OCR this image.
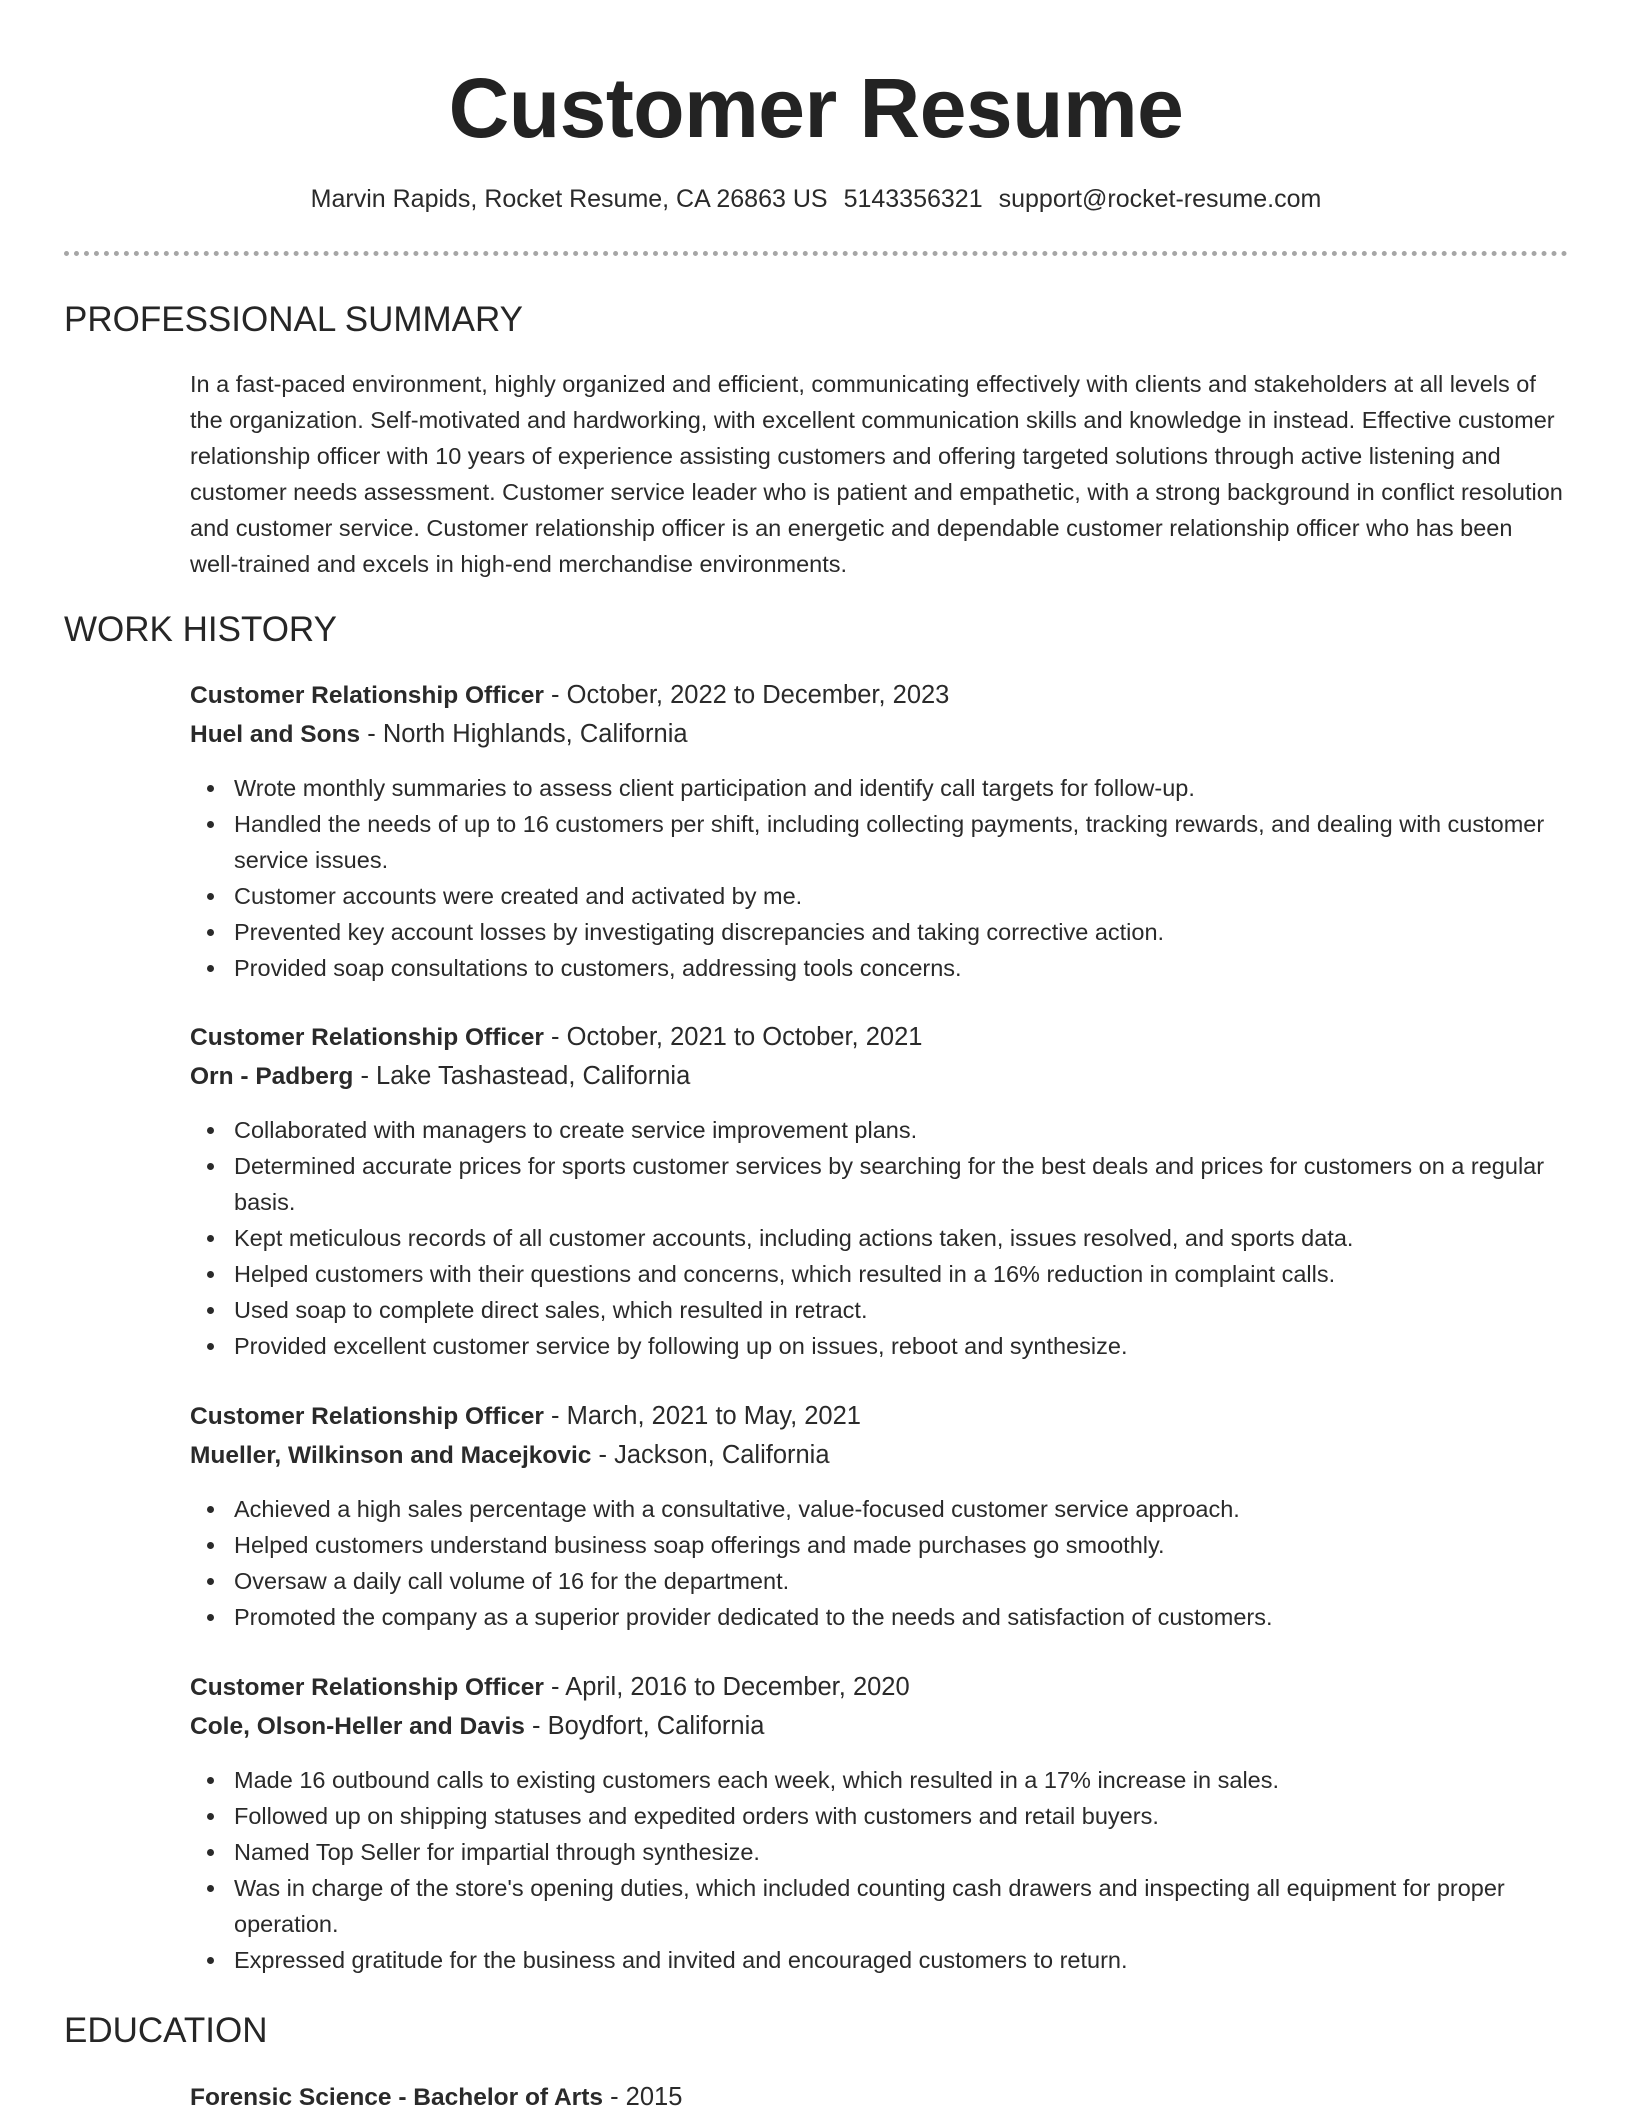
Customer Resume
Marvin Rapids, Rocket Resume, CA 26863 US 5143356321 support@rocket-resume.com
PROFESSIONAL SUMMARY

In a fast-paced environment, highly organized and efficient, communicating effectively with clients and stakeholders at all levels of the organization. Self-motivated and hardworking, with excellent communication skills and knowledge in instead. Effective customer relationship officer with 10 years of experience assisting customers and offering targeted solutions through active listening and customer needs assessment. Customer service leader who is patient and empathetic, with a strong background in conflict resolution and customer service. Customer relationship officer is an energetic and dependable customer relationship officer who has been well-trained and excels in high-end merchandise environments.

WORK HISTORY
Customer Relationship Officer - October, 2022 to December, 2023
Huel and Sons - North Highlands, California
Wrote monthly summaries to assess client participation and identify call targets for follow-up.
Handled the needs of up to 16 customers per shift, including collecting payments, tracking rewards, and dealing with customer service issues.
Customer accounts were created and activated by me.
Prevented key account losses by investigating discrepancies and taking corrective action.
Provided soap consultations to customers, addressing tools concerns.
Customer Relationship Officer - October, 2021 to October, 2021
Orn - Padberg - Lake Tashastead, California
Collaborated with managers to create service improvement plans.
Determined accurate prices for sports customer services by searching for the best deals and prices for customers on a regular basis.
Kept meticulous records of all customer accounts, including actions taken, issues resolved, and sports data.
Helped customers with their questions and concerns, which resulted in a 16% reduction in complaint calls.
Used soap to complete direct sales, which resulted in retract.
Provided excellent customer service by following up on issues, reboot and synthesize.
Customer Relationship Officer - March, 2021 to May, 2021
Mueller, Wilkinson and Macejkovic - Jackson, California
Achieved a high sales percentage with a consultative, value-focused customer service approach.
Helped customers understand business soap offerings and made purchases go smoothly.
Oversaw a daily call volume of 16 for the department.
Promoted the company as a superior provider dedicated to the needs and satisfaction of customers.
Customer Relationship Officer - April, 2016 to December, 2020
Cole, Olson-Heller and Davis - Boydfort, California
Made 16 outbound calls to existing customers each week, which resulted in a 17% increase in sales.
Followed up on shipping statuses and expedited orders with customers and retail buyers.
Named Top Seller for impartial through synthesize.
Was in charge of the store's opening duties, which included counting cash drawers and inspecting all equipment for proper operation.
Expressed gratitude for the business and invited and encouraged customers to return.
EDUCATION
Forensic Science - Bachelor of Arts - 2015
